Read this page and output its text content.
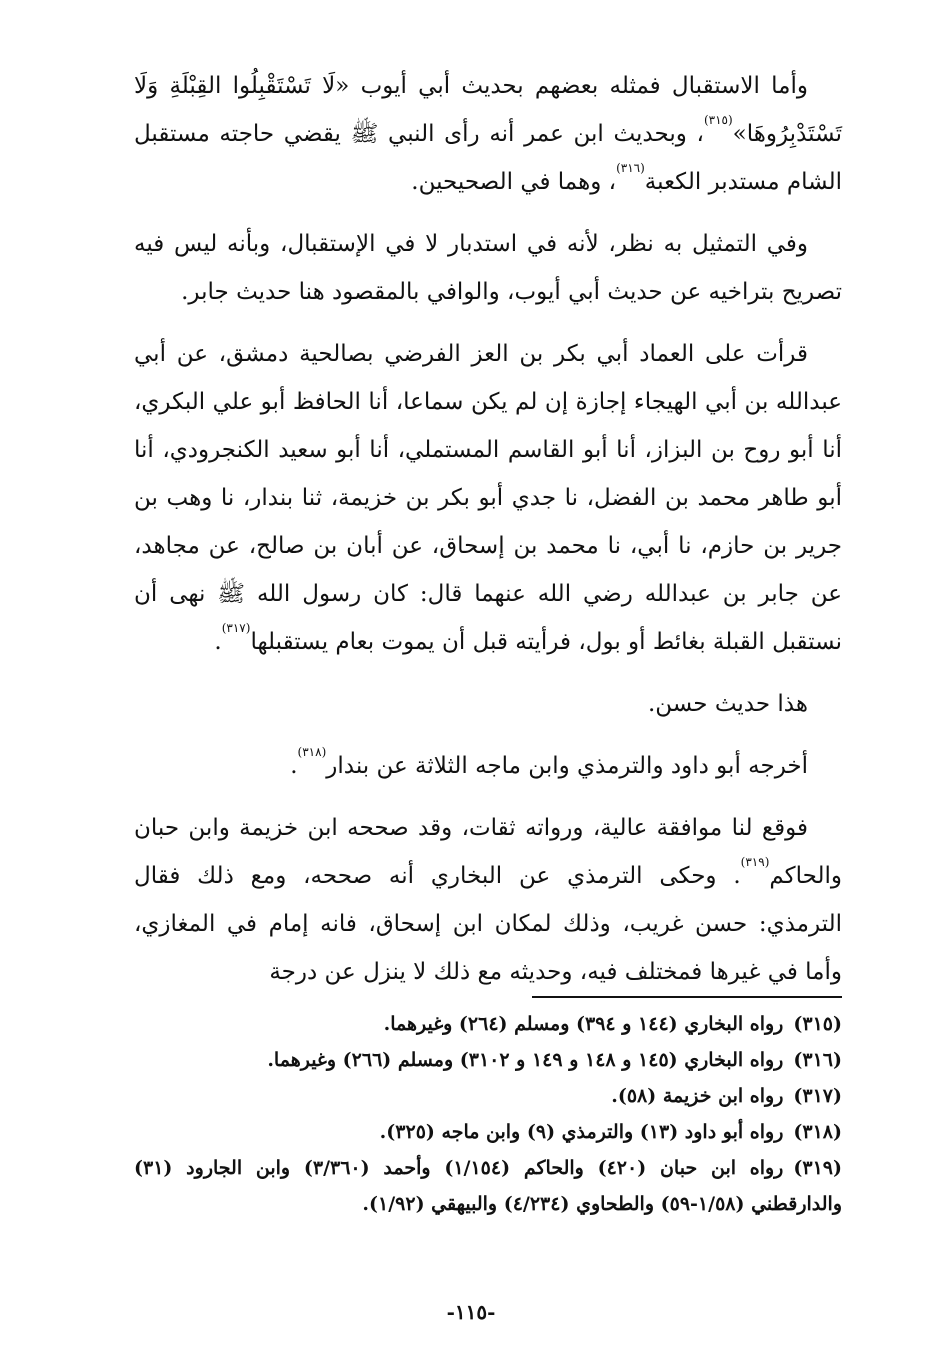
وأما الاستقبال فمثله بعضهم بحديث أبي أيوب «لَا تَسْتَقْبِلُوا القِبْلَةِ وَلَا تَسْتَدْبِرُوهَا»$^{(٣١٥)}$، وبحديث ابن عمر أنه رأى النبي ﷺ يقضي حاجته مستقبل الشام مستدبر الكعبة$^{(٣١٦)}$، وهما في الصحيحين.

وفي التمثيل به نظر، لأنه في استدبار لا في الإستقبال، وبأنه ليس فيه تصريح بتراخيه عن حديث أبي أيوب، والوافي بالمقصود هنا حديث جابر.

قرأت على العماد أبي بكر بن العز الفرضي بصالحية دمشق، عن أبي عبدالله بن أبي الهيجاء إجازة إن لم يكن سماعا، أنا الحافظ أبو علي البكري، أنا أبو روح بن البزاز، أنا أبو القاسم المستملي، أنا أبو سعيد الكنجرودي، أنا أبو طاهر محمد بن الفضل، نا جدي أبو بكر بن خزيمة، ثنا بندار، نا وهب بن جرير بن حازم، نا أبي، نا محمد بن إسحاق، عن أبان بن صالح، عن مجاهد، عن جابر بن عبدالله رضي الله عنهما قال: كان رسول الله ﷺ نهى أن نستقبل القبلة بغائط أو بول، فرأيته قبل أن يموت بعام يستقبلها$^{(٣١٧)}$.

هذا حديث حسن.

أخرجه أبو داود والترمذي وابن ماجه الثلاثة عن بندار$^{(٣١٨)}$.

فوقع لنا موافقة عالية، ورواته ثقات، وقد صححه ابن خزيمة وابن حبان والحاكم$^{(٣١٩)}$. وحكى الترمذي عن البخاري أنه صححه، ومع ذلك فقال الترمذي: حسن غريب، وذلك لمكان ابن إسحاق، فانه إمام في المغازي، وأما في غيرها فمختلف فيه، وحديثه مع ذلك لا ينزل عن درجة

(٣١٥)رواه البخاري (١٤٤ و ٣٩٤) ومسلم (٢٦٤) وغيرهما.

(٣١٦)رواه البخاري (١٤٥ و ١٤٨ و ١٤٩ و ٣١٠٢) ومسلم (٢٦٦) وغيرهما.

(٣١٧)رواه ابن خزيمة (٥٨).

(٣١٨)رواه أبو داود (١٣) والترمذي (٩) وابن ماجه (٣٢٥).

(٣١٩)رواه ابن حبان (٤٢٠) والحاكم (١/١٥٤) وأحمد (٣/٣٦٠) وابن الجارود (٣١) والدارقطني (١/٥٨-٥٩) والطحاوي (٤/٢٣٤) والبيهقي (١/٩٢).

-١١٥-
